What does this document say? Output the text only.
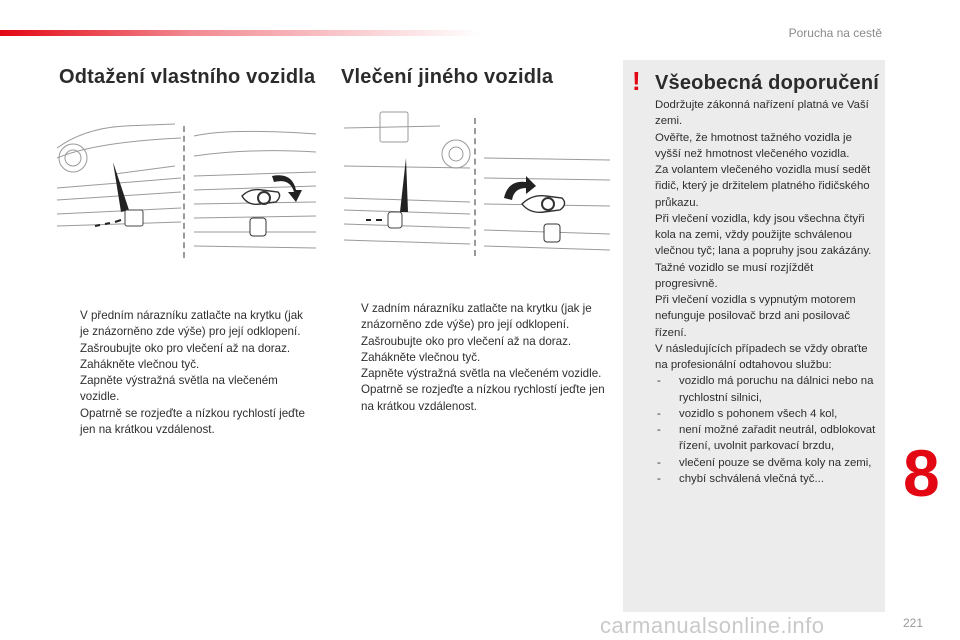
Porucha na cestě
Odtažení vlastního vozidla
V předním nárazníku zatlačte na krytku (jak je znázorněno zde výše) pro její odklopení.
Zašroubujte oko pro vlečení až na doraz.
Zahákněte vlečnou tyč.
Zapněte výstražná světla na vlečeném vozidle.
Opatrně se rozjeďte a nízkou rychlostí jeďte jen na krátkou vzdálenost.
Vlečení jiného vozidla
V zadním nárazníku zatlačte na krytku (jak je znázorněno zde výše) pro její odklopení.
Zašroubujte oko pro vlečení až na doraz.
Zahákněte vlečnou tyč.
Zapněte výstražná světla na vlečeném vozidle.
Opatrně se rozjeďte a nízkou rychlostí jeďte jen na krátkou vzdálenost.
! Všeobecná doporučení

Dodržujte zákonná nařízení platná ve Vaší zemi.

Ověřte, že hmotnost tažného vozidla je vyšší než hmotnost vlečeného vozidla.

Za volantem vlečeného vozidla musí sedět řidič, který je držitelem platného řidičského průkazu.

Při vlečení vozidla, kdy jsou všechna čtyři kola na zemi, vždy použijte schválenou vlečnou tyč; lana a popruhy jsou zakázány.

Tažné vozidlo se musí rozjíždět progresivně.

Při vlečení vozidla s vypnutým motorem nefunguje posilovač brzd ani posilovač řízení.

V následujících případech se vždy obraťte na profesionální odtahovou službu:

- vozidlo má poruchu na dálnici nebo na rychlostní silnici,
- vozidlo s pohonem všech 4 kol,
- není možné zařadit neutrál, odblokovat řízení, uvolnit parkovací brzdu,
- vlečení pouze se dvěma koly na zemi,
- chybí schválená vlečná tyč...	8
carmanualsonline.info	221
